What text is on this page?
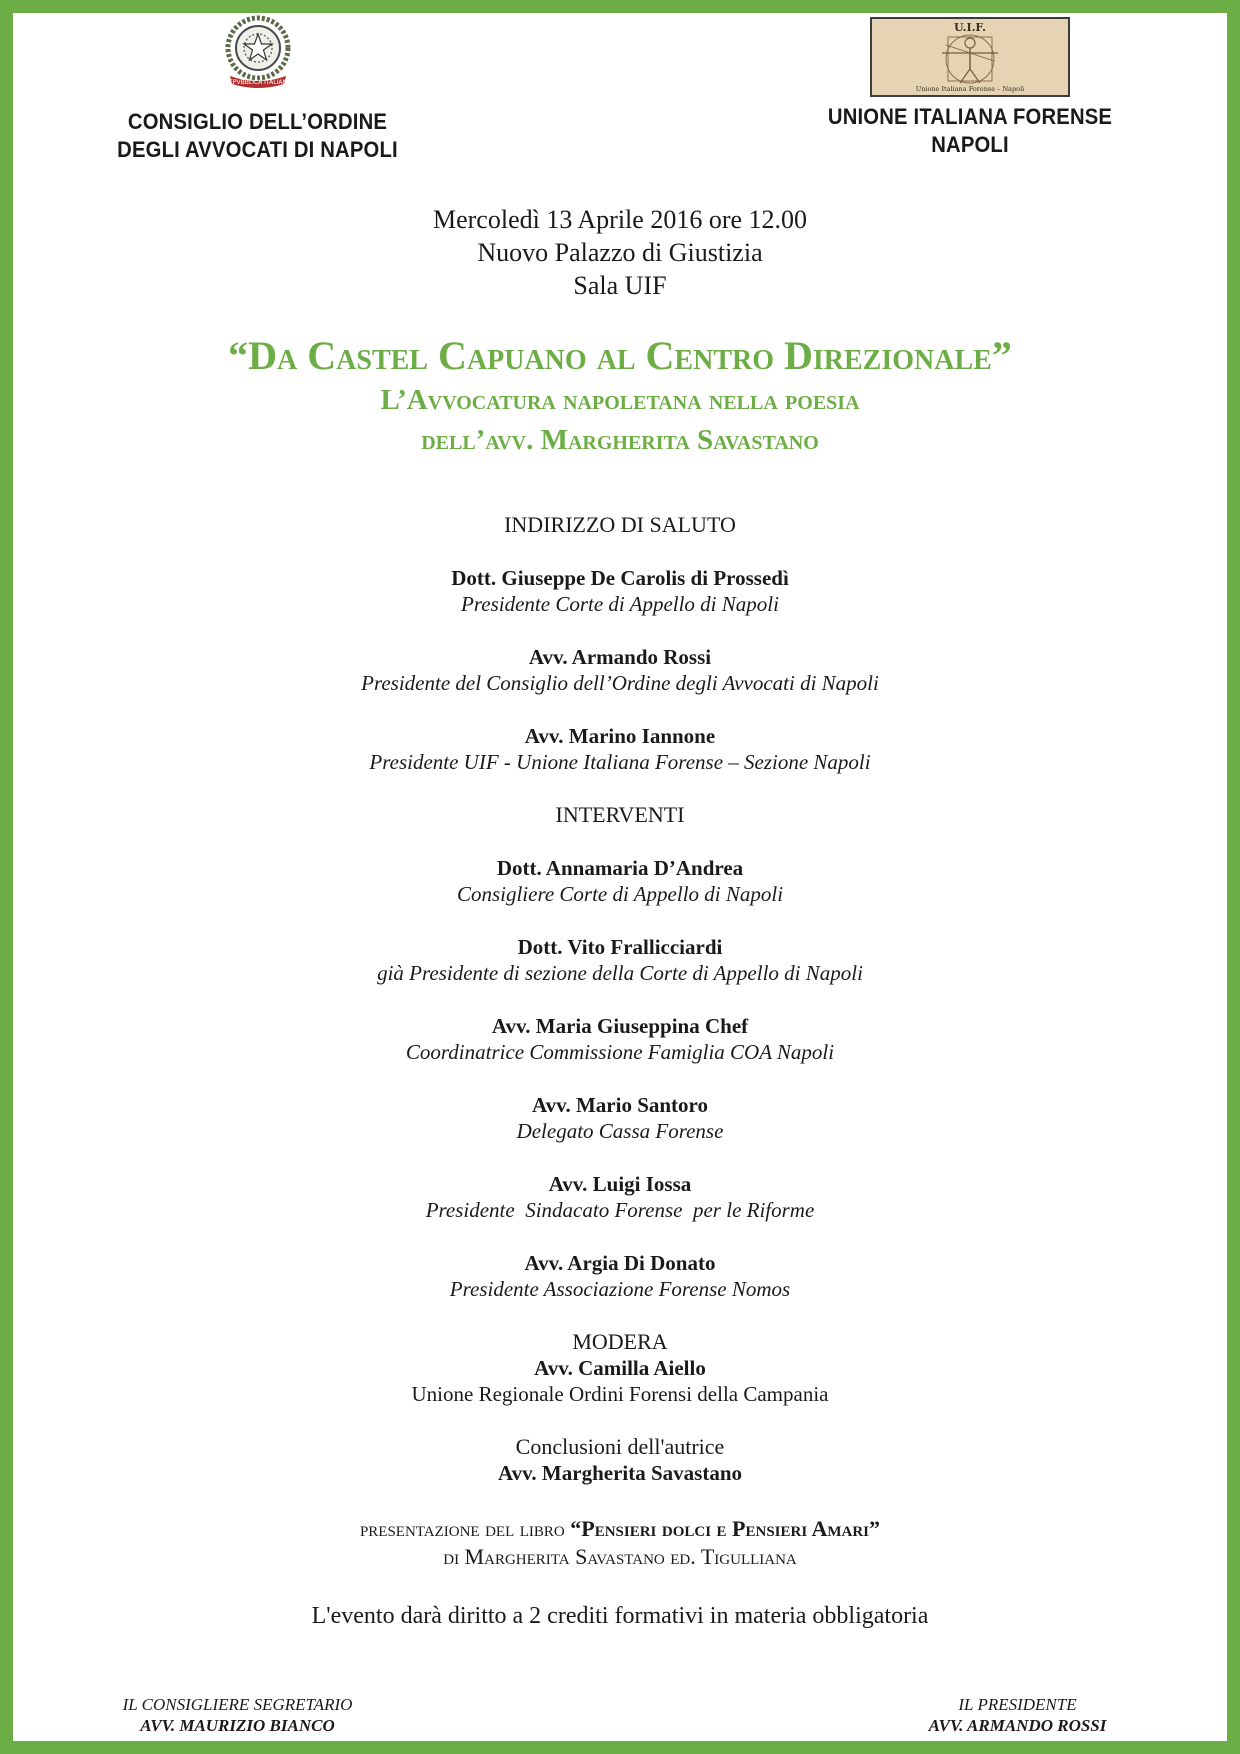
REPVBBLICA ITALIANA
CONSIGLIO DELL’ORDINE
DEGLI AVVOCATI DI NAPOLI
U.I.F.
Unione Italiana Forense – Napoli
UNIONE ITALIANA FORENSE
NAPOLI
Mercoledì 13 Aprile 2016 ore 12.00
Nuovo Palazzo di Giustizia
Sala UIF
“Da Castel Capuano al Centro Direzionale”
L’Avvocatura napoletana nella poesia
dell’avv. Margherita Savastano
INDIRIZZO DI SALUTO
Dott. Giuseppe De Carolis di Prossedì
Presidente Corte di Appello di Napoli
Avv. Armando Rossi
Presidente del Consiglio dell’Ordine degli Avvocati di Napoli
Avv. Marino Iannone
Presidente UIF - Unione Italiana Forense – Sezione Napoli
INTERVENTI
Dott. Annamaria D’Andrea
Consigliere Corte di Appello di Napoli
Dott. Vito Frallicciardi
già Presidente di sezione della Corte di Appello di Napoli
Avv. Maria Giuseppina Chef
Coordinatrice Commissione Famiglia COA Napoli
Avv. Mario Santoro
Delegato Cassa Forense
Avv. Luigi Iossa
Presidente  Sindacato Forense  per le Riforme
Avv. Argia Di Donato
Presidente Associazione Forense Nomos
MODERA
Avv. Camilla Aiello
Unione Regionale Ordini Forensi della Campania
Conclusioni dell'autrice
Avv. Margherita Savastano
presentazione del libro “Pensieri dolci e Pensieri Amari”
di Margherita Savastano ed. Tigulliana
L'evento darà diritto a 2 crediti formativi in materia obbligatoria
IL CONSIGLIERE SEGRETARIO
AVV. MAURIZIO BIANCO
IL PRESIDENTE
AVV. ARMANDO ROSSI
